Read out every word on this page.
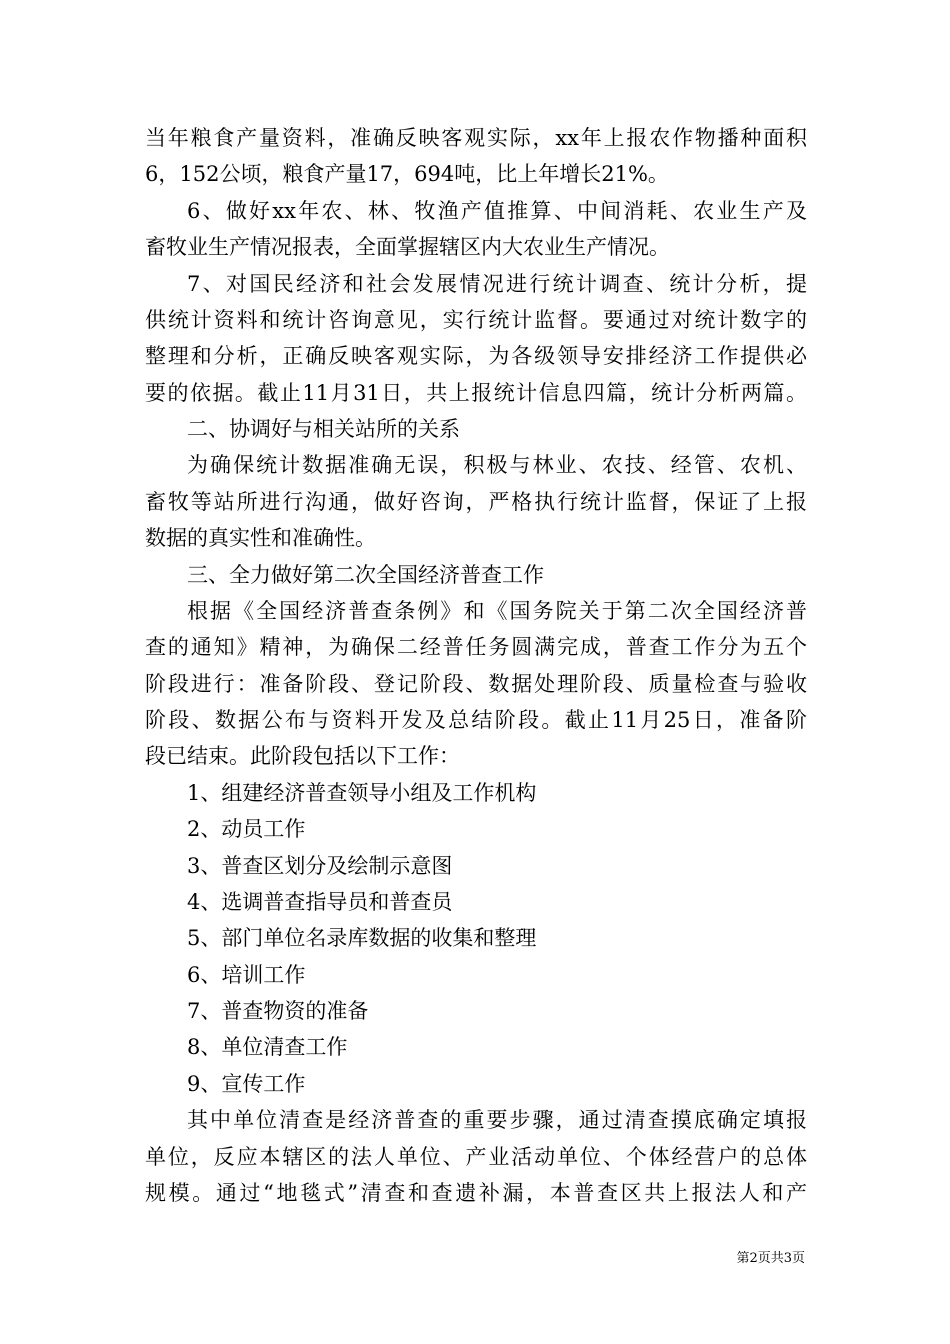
当年粮食产量资料，准确反映客观实际，xx年上报农作物播种面积
6，152公顷，粮食产量17，694吨，比上年增长21%。
6、做好xx年农、林、牧渔产值推算、中间消耗、农业生产及
畜牧业生产情况报表，全面掌握辖区内大农业生产情况。
7、对国民经济和社会发展情况进行统计调查、统计分析，提
供统计资料和统计咨询意见，实行统计监督。要通过对统计数字的
整理和分析，正确反映客观实际，为各级领导安排经济工作提供必
要的依据。截止11月31日，共上报统计信息四篇，统计分析两篇。
二、协调好与相关站所的关系
为确保统计数据准确无误，积极与林业、农技、经管、农机、
畜牧等站所进行沟通，做好咨询，严格执行统计监督，保证了上报
数据的真实性和准确性。
三、全力做好第二次全国经济普查工作
根据《全国经济普查条例》和《国务院关于第二次全国经济普
查的通知》精神，为确保二经普任务圆满完成，普查工作分为五个
阶段进行：准备阶段、登记阶段、数据处理阶段、质量检查与验收
阶段、数据公布与资料开发及总结阶段。截止11月25日，准备阶
段已结束。此阶段包括以下工作：
1、组建经济普查领导小组及工作机构
2、动员工作
3、普查区划分及绘制示意图
4、选调普查指导员和普查员
5、部门单位名录库数据的收集和整理
6、培训工作
7、普查物资的准备
8、单位清查工作
9、宣传工作
其中单位清查是经济普查的重要步骤，通过清查摸底确定填报
单位，反应本辖区的法人单位、产业活动单位、个体经营户的总体
规模。通过“地毯式”清查和查遗补漏，本普查区共上报法人和产
第2页共3页
